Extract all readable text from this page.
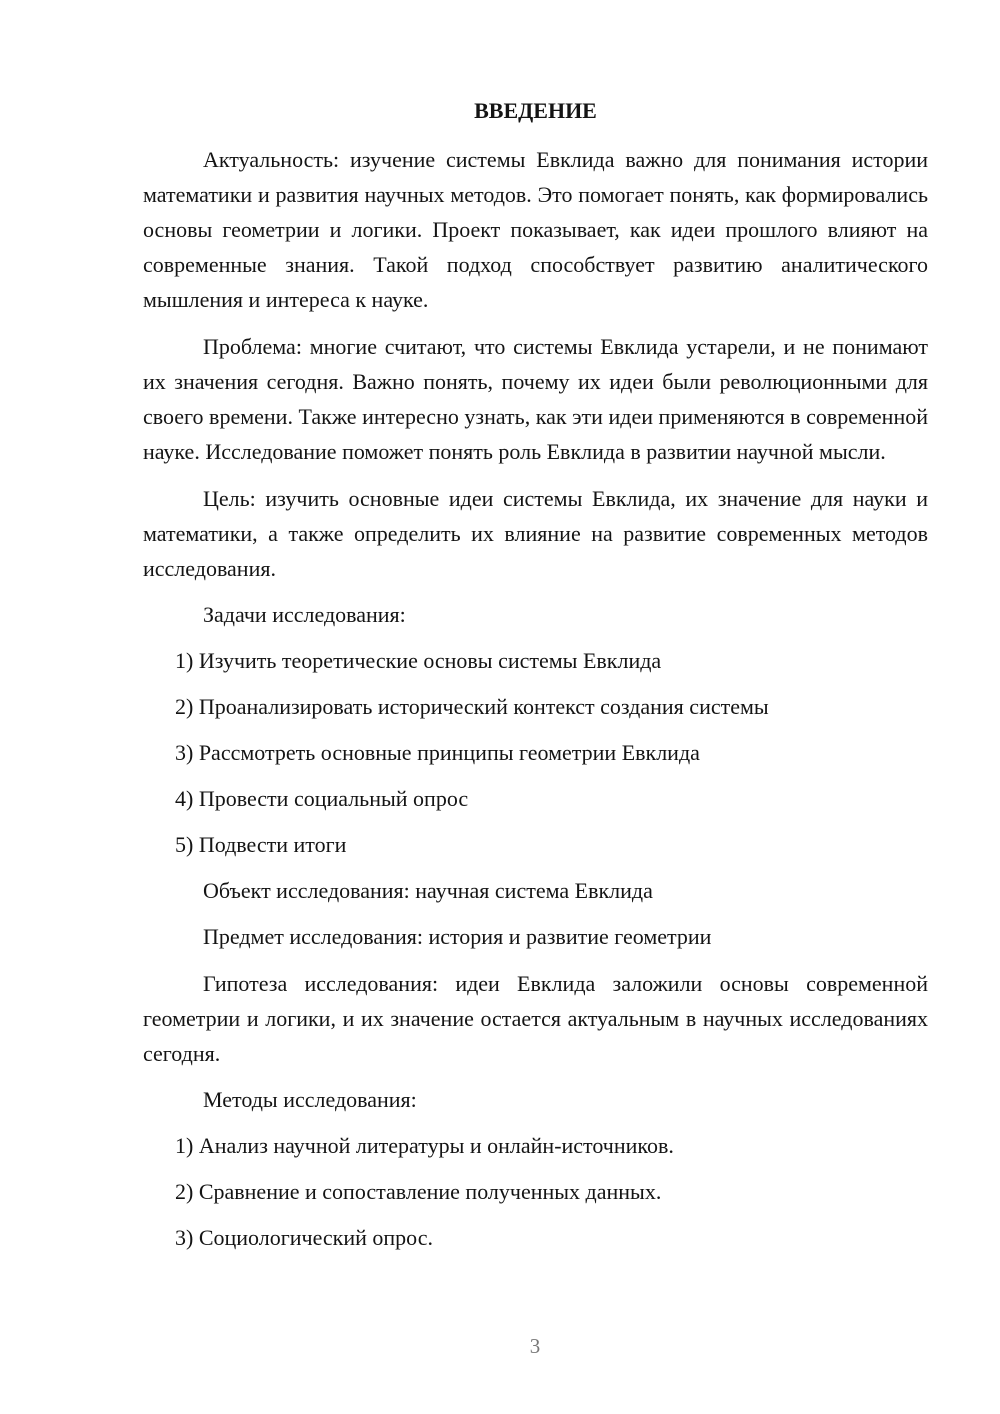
ВВЕДЕНИЕ

Актуальность: изучение системы Евклида важно для понимания истории математики и развития научных методов. Это помогает понять, как формировались основы геометрии и логики. Проект показывает, как идеи прошлого влияют на современные знания. Такой подход способствует развитию аналитического мышления и интереса к науке.

Проблема: многие считают, что системы Евклида устарели, и не понимают их значения сегодня. Важно понять, почему их идеи были революционными для своего времени. Также интересно узнать, как эти идеи применяются в современной науке. Исследование поможет понять роль Евклида в развитии научной мысли.

Цель: изучить основные идеи системы Евклида, их значение для науки и математики, а также определить их влияние на развитие современных методов исследования.

Задачи исследования:
1) Изучить теоретические основы системы Евклида
2) Проанализировать исторический контекст создания системы
3) Рассмотреть основные принципы геометрии Евклида
4) Провести социальный опрос
5) Подвести итоги
Объект исследования: научная система Евклида
Предмет исследования: история и развитие геометрии

Гипотеза исследования: идеи Евклида заложили основы современной геометрии и логики, и их значение остается актуальным в научных исследованиях сегодня.

Методы исследования:
1) Анализ научной литературы и онлайн-источников.
2) Сравнение и сопоставление полученных данных.
3) Социологический опрос.
3
